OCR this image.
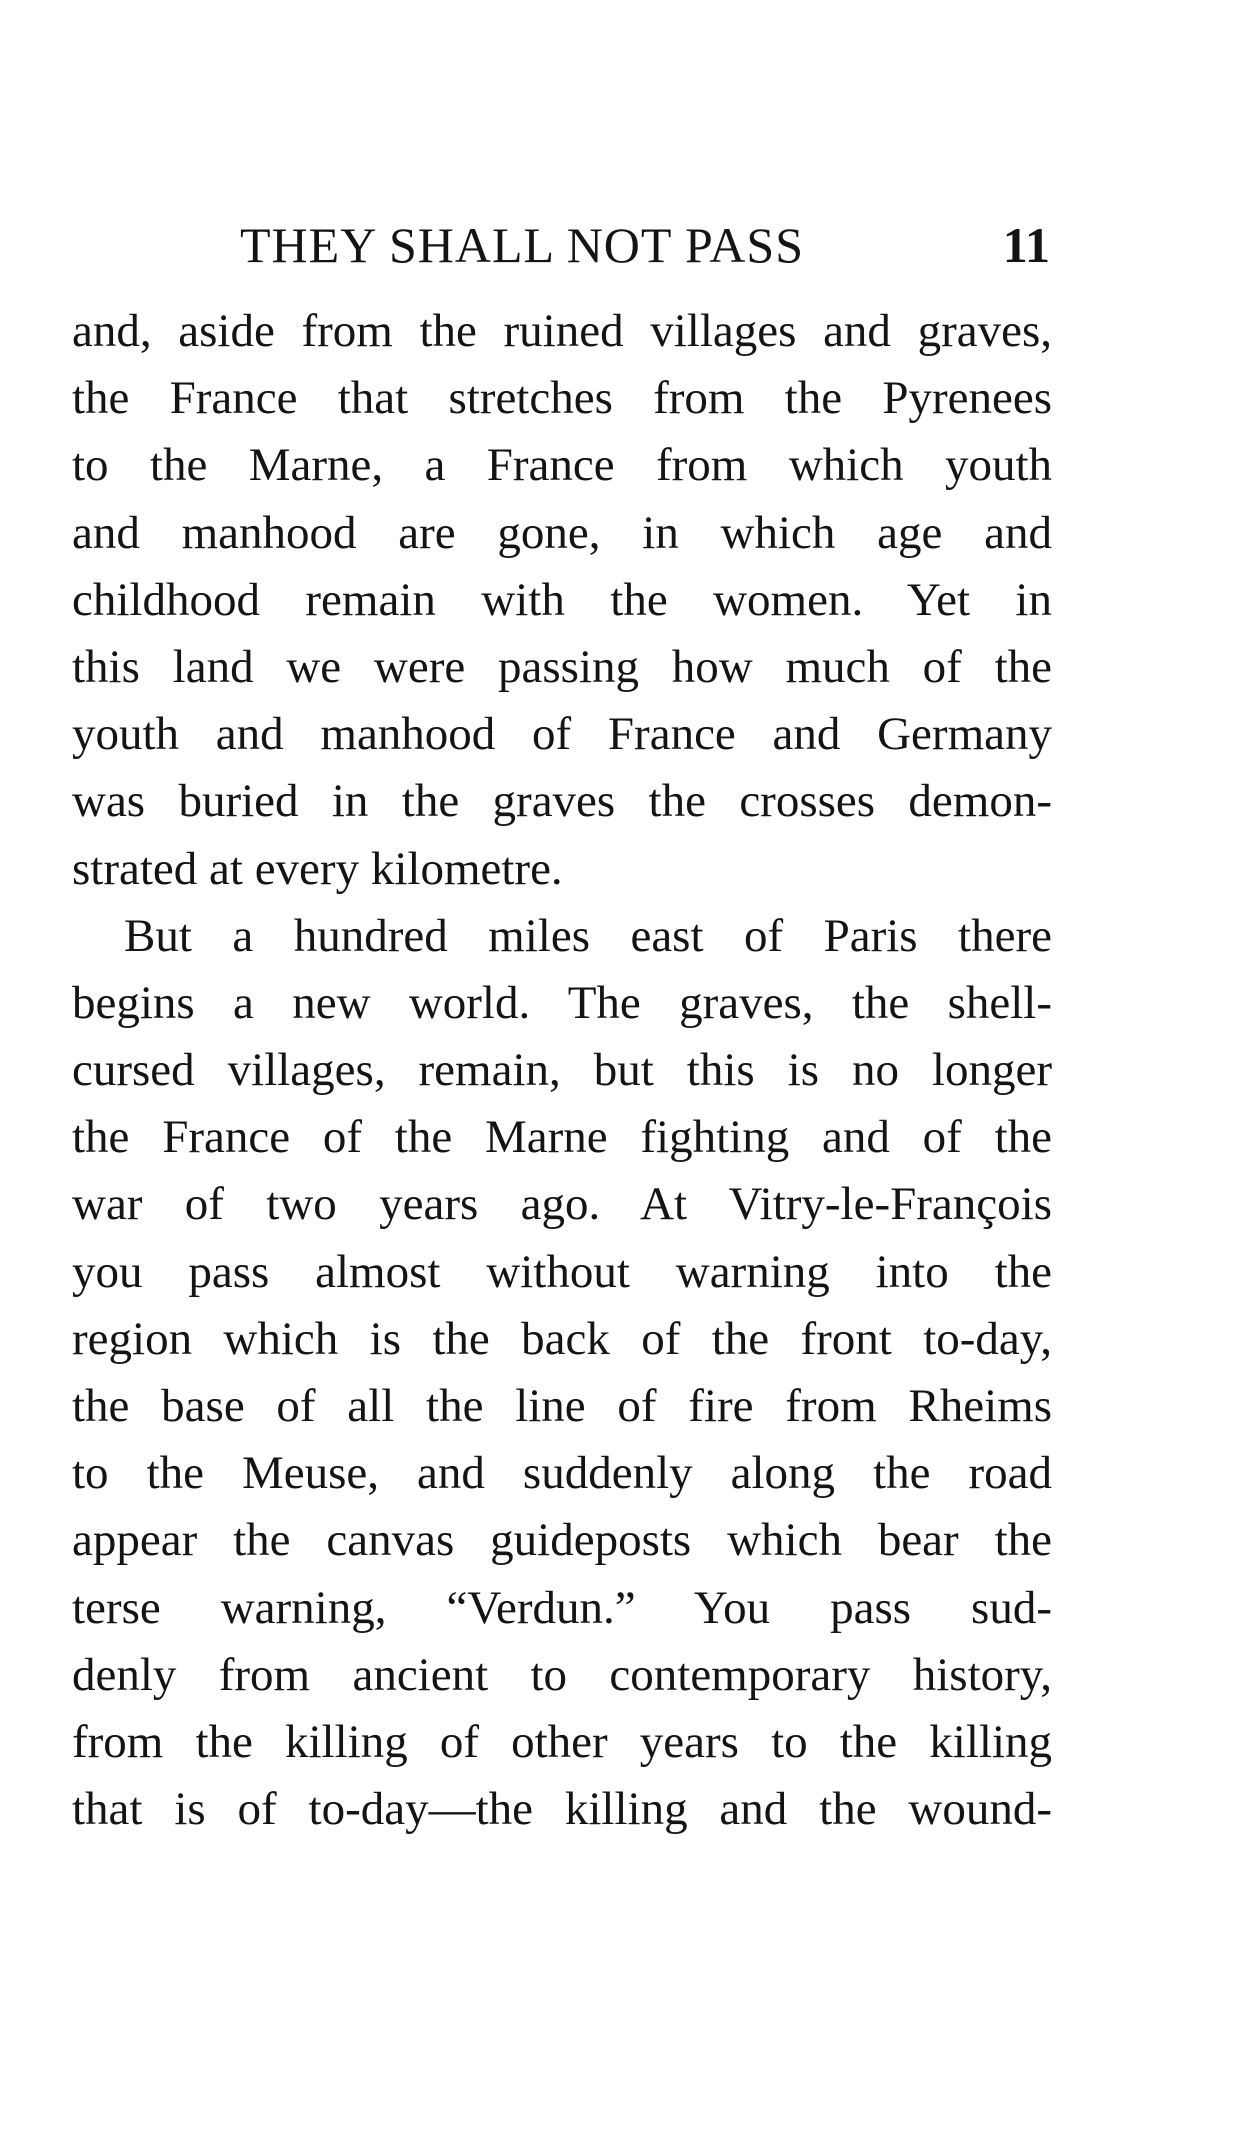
THEY SHALL NOT PASS	11
and, aside from the ruined villages and graves,
the France that stretches from the Pyrenees
to the Marne, a France from which youth
and manhood are gone, in which age and
childhood remain with the women. Yet in
this land we were passing how much of the
youth and manhood of France and Germany
was buried in the graves the crosses demon-
strated at every kilometre.
But a hundred miles east of Paris there
begins a new world. The graves, the shell-
cursed villages, remain, but this is no longer
the France of the Marne fighting and of the
war of two years ago. At Vitry-le-François
you pass almost without warning into the
region which is the back of the front to-day,
the base of all the line of fire from Rheims
to the Meuse, and suddenly along the road
appear the canvas guideposts which bear the
terse warning, “Verdun.” You pass sud-
denly from ancient to contemporary history,
from the killing of other years to the killing
that is of to-day—the killing and the wound-
